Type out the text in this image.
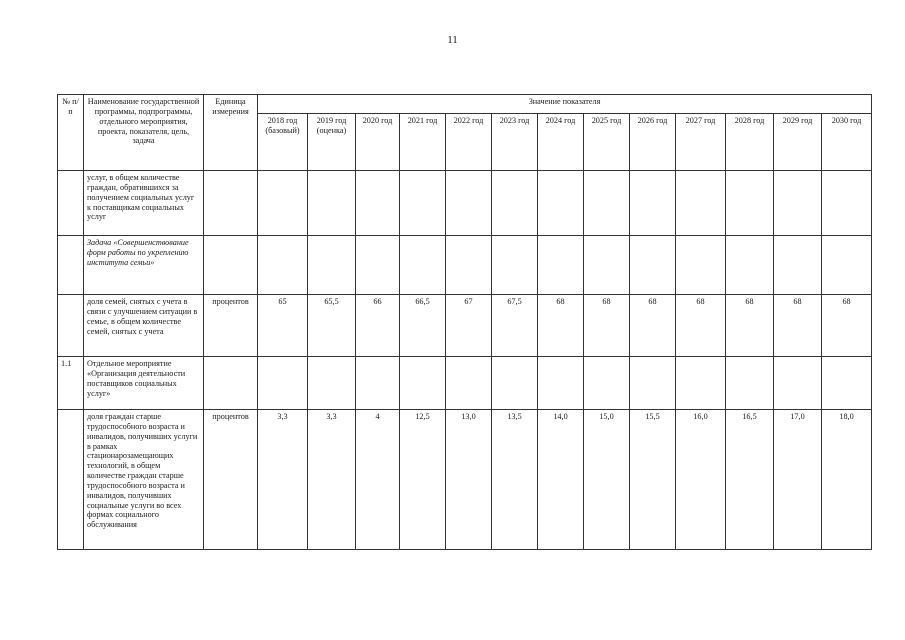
11
№ п/п	Наименование государственной программы, подпрограммы, отдельного мероприятия, проекта, показателя, цель, задача	Единица измерения	Значение показателя												
			2018 год (базовый)	2019 год (оценка)	2020 год	2021 год	2022 год	2023 год	2024 год	2025 год	2026 год	2027 год	2028 год	2029 год	2030 год
	услуг, в общем количестве граждан, обратившихся за получением социальных услуг к поставщикам социальных услуг														
	Задача «Совершенствование форм работы по укреплению института семьи»														
	доля семей, снятых с учета в связи с улучшением ситуации в семье, в общем количестве семей, снятых с учета	процентов	65	65,5	66	66,5	67	67,5	68	68	68	68	68	68	68
1.1	Отдельное мероприятие «Организация деятельности поставщиков социальных услуг»														
	доля граждан старше трудоспособного возраста и инвалидов, получивших услуги в рамках стационарозамещающих технологий, в общем количестве граждан старше трудоспособного возраста и инвалидов, получивших социальные услуги во всех формах социального обслуживания	процентов	3,3	3,3	4	12,5	13,0	13,5	14,0	15,0	15,5	16,0	16,5	17,0	18,0
